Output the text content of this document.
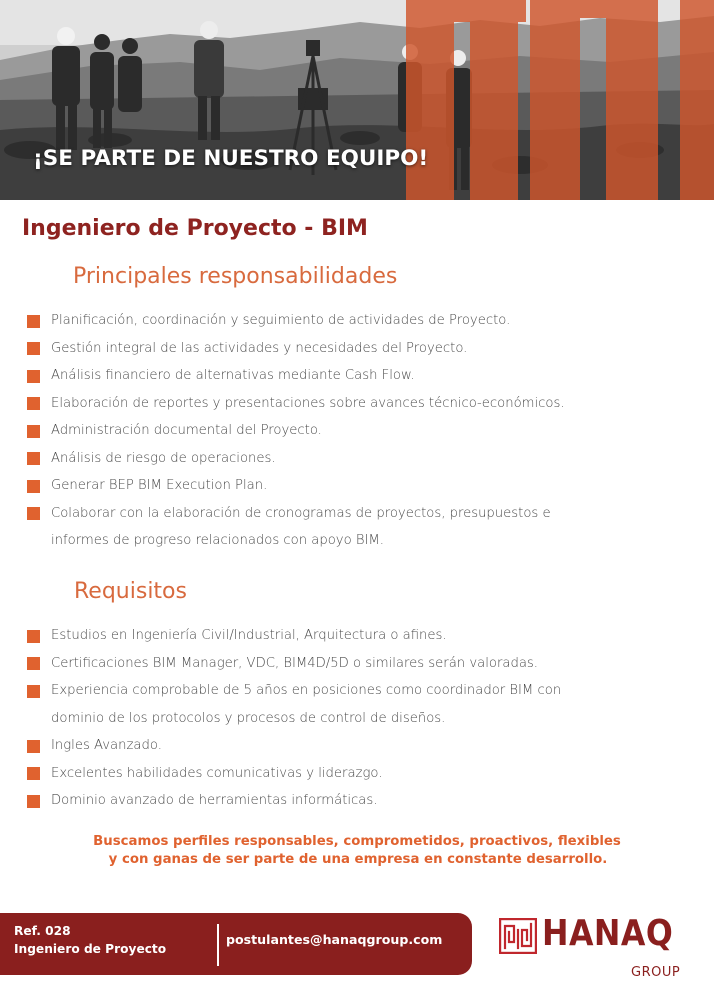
¡SE PARTE DE NUESTRO EQUIPO!
Ingeniero de Proyecto - BIM
Principales responsabilidades
Planificación, coordinación y seguimiento de actividades de Proyecto.
Gestión integral de las actividades y necesidades del Proyecto.
Análisis financiero de alternativas mediante Cash Flow.
Elaboración de reportes y presentaciones sobre avances técnico-económicos.
Administración documental del Proyecto.
Análisis de riesgo de operaciones.
Generar BEP BIM Execution Plan.
Colaborar con la elaboración de cronogramas de proyectos, presupuestos e
informes de progreso relacionados con apoyo BIM.
Requisitos
Estudios en Ingeniería Civil/Industrial, Arquitectura o afines.
Certificaciones BIM Manager, VDC, BIM4D/5D o similares serán valoradas.
Experiencia comprobable de 5 años en posiciones como coordinador BIM con
dominio de los protocolos y procesos de control de diseños.
Ingles Avanzado.
Excelentes habilidades comunicativas y liderazgo.
Dominio avanzado de herramientas informáticas.
Buscamos perfiles responsables, comprometidos, proactivos, flexibles
y con ganas de ser parte de una empresa en constante desarrollo.
Ref. 028
Ingeniero de Proyecto
postulantes@hanaqgroup.com	HANAQ
GROUP
